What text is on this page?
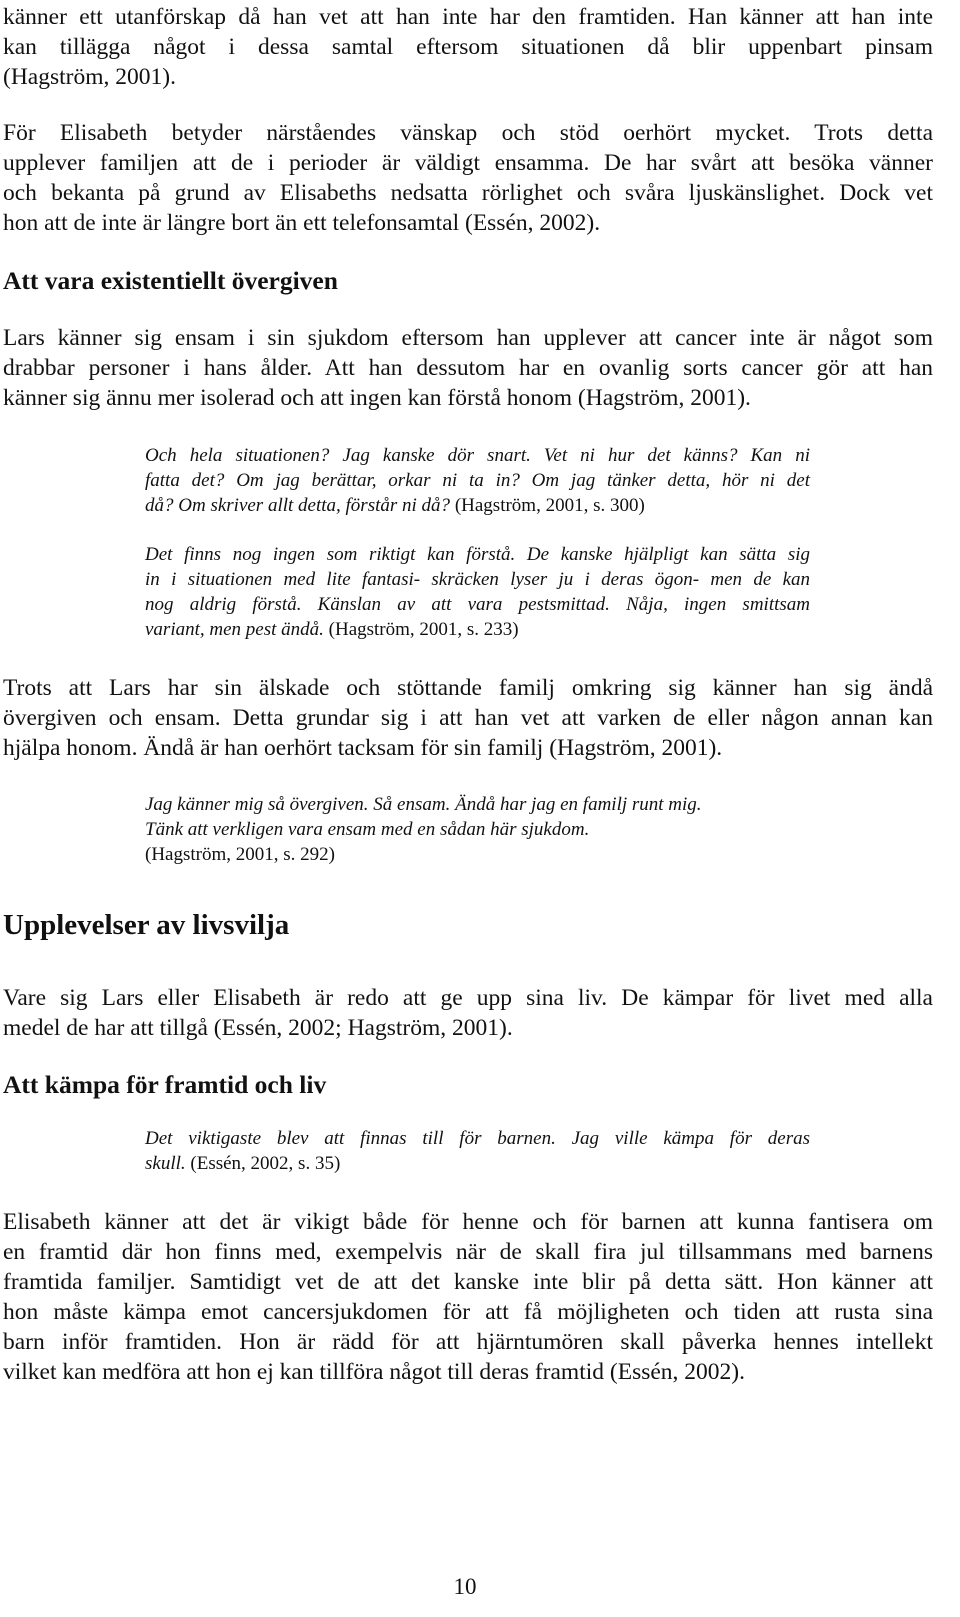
känner ett utanförskap då han vet att han inte har den framtiden. Han känner att han inte
kan tillägga något i dessa samtal eftersom situationen då blir uppenbart pinsam
(Hagström, 2001).
För Elisabeth betyder närståendes vänskap och stöd oerhört mycket. Trots detta
upplever familjen att de i perioder är väldigt ensamma. De har svårt att besöka vänner
och bekanta på grund av Elisabeths nedsatta rörlighet och svåra ljuskänslighet. Dock vet
hon att de inte är längre bort än ett telefonsamtal (Essén, 2002).
Att vara existentiellt övergiven
Lars känner sig ensam i sin sjukdom eftersom han upplever att cancer inte är något som
drabbar personer i hans ålder. Att han dessutom har en ovanlig sorts cancer gör att han
känner sig ännu mer isolerad och att ingen kan förstå honom (Hagström, 2001).
Och hela situationen? Jag kanske dör snart. Vet ni hur det känns? Kan ni
fatta det? Om jag berättar, orkar ni ta in? Om jag tänker detta, hör ni det
då? Om skriver allt detta, förstår ni då? (Hagström, 2001, s. 300)
Det finns nog ingen som riktigt kan förstå. De kanske hjälpligt kan sätta sig
in i situationen med lite fantasi- skräcken lyser ju i deras ögon- men de kan
nog aldrig förstå. Känslan av att vara pestsmittad. Nåja, ingen smittsam
variant, men pest ändå. (Hagström, 2001, s. 233)
Trots att Lars har sin älskade och stöttande familj omkring sig känner han sig ändå
övergiven och ensam. Detta grundar sig i att han vet att varken de eller någon annan kan
hjälpa honom. Ändå är han oerhört tacksam för sin familj (Hagström, 2001).
Jag känner mig så övergiven. Så ensam. Ändå har jag en familj runt mig.
Tänk att verkligen vara ensam med en sådan här sjukdom.
(Hagström, 2001, s. 292)
Upplevelser av livsvilja
Vare sig Lars eller Elisabeth är redo att ge upp sina liv. De kämpar för livet med alla
medel de har att tillgå (Essén, 2002; Hagström, 2001).
Att kämpa för framtid och liv
Det viktigaste blev att finnas till för barnen. Jag ville kämpa för deras
skull. (Essén, 2002, s. 35)
Elisabeth känner att det är vikigt både för henne och för barnen att kunna fantisera om
en framtid där hon finns med, exempelvis när de skall fira jul tillsammans med barnens
framtida familjer. Samtidigt vet de att det kanske inte blir på detta sätt. Hon känner att
hon måste kämpa emot cancersjukdomen för att få möjligheten och tiden att rusta sina
barn inför framtiden. Hon är rädd för att hjärntumören skall påverka hennes intellekt
vilket kan medföra att hon ej kan tillföra något till deras framtid (Essén, 2002).
10
